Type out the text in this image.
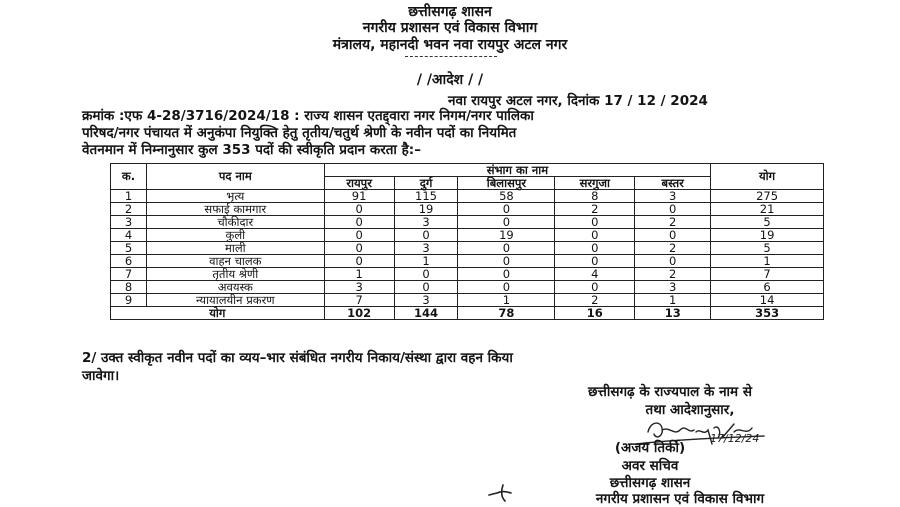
छत्तीसगढ़ शासन
नगरीय प्रशासन एवं विकास विभाग
मंत्रालय, महानदी भवन नवा रायपुर अटल नगर
/ /आदेश / /
नवा रायपुर अटल नगर, दिनांक 17 / 12 / 2024
क्रमांक :एफ 4-28/3716/2024/18 : राज्य शासन एतद्द्वारा नगर निगम/नगर पालिका
परिषद/नगर पंचायत में अनुकंपा नियुक्ति हेतु तृतीय/चतुर्थ श्रेणी के नवीन पदों का नियमित
वेतनमान में निम्नानुसार कुल 353 पदों की स्वीकृति प्रदान करता है:–
क.	पद नाम	संभाग का नाम					योग
		रायपुर	दुर्ग	बिलासपुर	सरगुजा	बस्तर	
1	भृत्य	91	115	58	8	3	275
2	सफाई कामगार	0	19	0	2	0	21
3	चौकीदार	0	3	0	0	2	5
4	कुली	0	0	19	0	0	19
5	माली	0	3	0	0	2	5
6	वाहन चालक	0	1	0	0	0	1
7	तृतीय श्रेणी	1	0	0	4	2	7
8	अवयस्क	3	0	0	0	3	6
9	न्यायालयीन प्रकरण	7	3	1	2	1	14
योग		102	144	78	16	13	353
2/ उक्त स्वीकृत नवीन पदों का व्यय–भार संबंधित नगरीय निकाय/संस्था द्वारा वहन किया
जावेगा।
छत्तीसगढ़ के राज्यपाल के नाम से
तथा आदेशानुसार,
17/12/24
(अजय तिर्की)
अवर सचिव
छत्तीसगढ़ शासन
नगरीय प्रशासन एवं विकास विभाग
